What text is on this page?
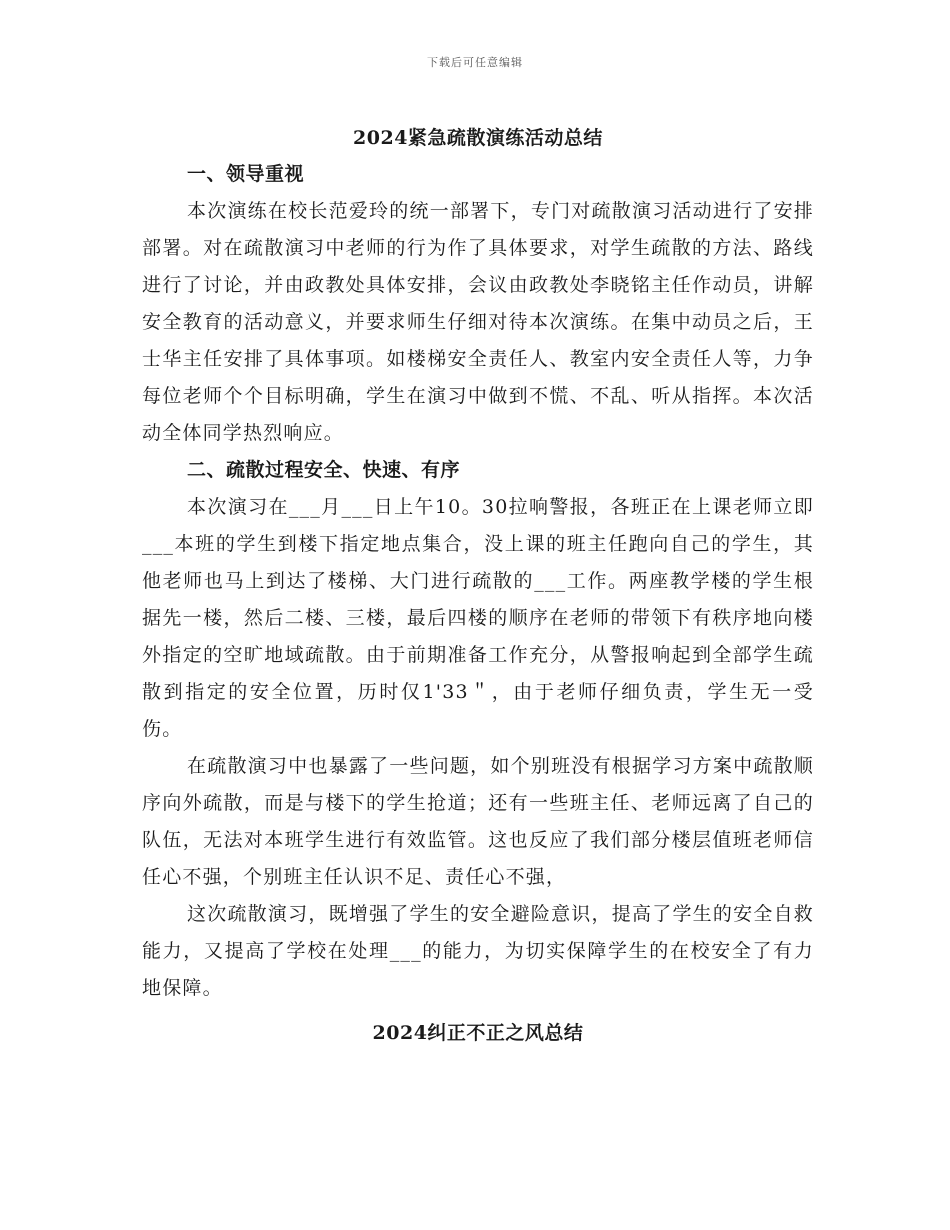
下载后可任意编辑
2024紧急疏散演练活动总结
一、领导重视

本次演练在校长范爱玲的统一部署下，专门对疏散演习活动进行了安排部署。对在疏散演习中老师的行为作了具体要求，对学生疏散的方法、路线进行了讨论，并由政教处具体安排，会议由政教处李晓铭主任作动员，讲解安全教育的活动意义，并要求师生仔细对待本次演练。在集中动员之后，王士华主任安排了具体事项。如楼梯安全责任人、教室内安全责任人等，力争每位老师个个目标明确，学生在演习中做到不慌、不乱、听从指挥。本次活动全体同学热烈响应。

二、疏散过程安全、快速、有序

本次演习在___月___日上午10。30拉响警报，各班正在上课老师立即___本班的学生到楼下指定地点集合，没上课的班主任跑向自己的学生，其他老师也马上到达了楼梯、大门进行疏散的___工作。两座教学楼的学生根据先一楼，然后二楼、三楼，最后四楼的顺序在老师的带领下有秩序地向楼外指定的空旷地域疏散。由于前期准备工作充分，从警报响起到全部学生疏散到指定的安全位置，历时仅1'33＂，由于老师仔细负责，学生无一受伤。

在疏散演习中也暴露了一些问题，如个别班没有根据学习方案中疏散顺序向外疏散，而是与楼下的学生抢道；还有一些班主任、老师远离了自己的队伍，无法对本班学生进行有效监管。这也反应了我们部分楼层值班老师信任心不强，个别班主任认识不足、责任心不强，

这次疏散演习，既增强了学生的安全避险意识，提高了学生的安全自救能力，又提高了学校在处理___的能力，为切实保障学生的在校安全了有力地保障。

2024纠正不正之风总结
